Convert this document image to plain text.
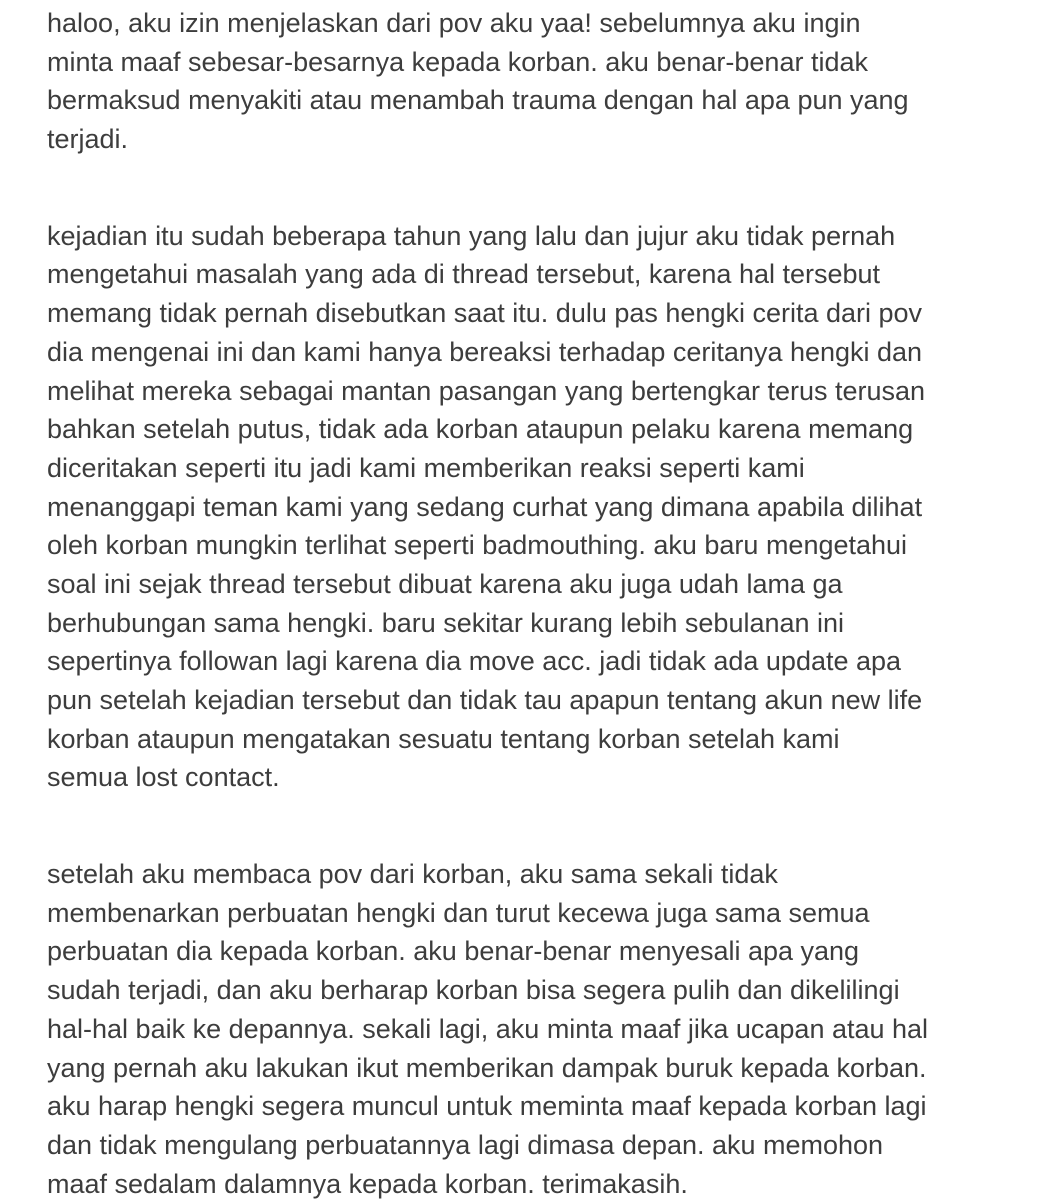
haloo, aku izin menjelaskan dari pov aku yaa! sebelumnya aku ingin
minta maaf sebesar-besarnya kepada korban. aku benar-benar tidak
bermaksud menyakiti atau menambah trauma dengan hal apa pun yang
terjadi.
kejadian itu sudah beberapa tahun yang lalu dan jujur aku tidak pernah
mengetahui masalah yang ada di thread tersebut, karena hal tersebut
memang tidak pernah disebutkan saat itu. dulu pas hengki cerita dari pov
dia mengenai ini dan kami hanya bereaksi terhadap ceritanya hengki dan
melihat mereka sebagai mantan pasangan yang bertengkar terus terusan
bahkan setelah putus, tidak ada korban ataupun pelaku karena memang
diceritakan seperti itu jadi kami memberikan reaksi seperti kami
menanggapi teman kami yang sedang curhat yang dimana apabila dilihat
oleh korban mungkin terlihat seperti badmouthing. aku baru mengetahui
soal ini sejak thread tersebut dibuat karena aku juga udah lama ga
berhubungan sama hengki. baru sekitar kurang lebih sebulanan ini
sepertinya followan lagi karena dia move acc. jadi tidak ada update apa
pun setelah kejadian tersebut dan tidak tau apapun tentang akun new life
korban ataupun mengatakan sesuatu tentang korban setelah kami
semua lost contact.
setelah aku membaca pov dari korban, aku sama sekali tidak
membenarkan perbuatan hengki dan turut kecewa juga sama semua
perbuatan dia kepada korban. aku benar-benar menyesali apa yang
sudah terjadi, dan aku berharap korban bisa segera pulih dan dikelilingi
hal-hal baik ke depannya. sekali lagi, aku minta maaf jika ucapan atau hal
yang pernah aku lakukan ikut memberikan dampak buruk kepada korban.
aku harap hengki segera muncul untuk meminta maaf kepada korban lagi
dan tidak mengulang perbuatannya lagi dimasa depan. aku memohon
maaf sedalam dalamnya kepada korban. terimakasih.
